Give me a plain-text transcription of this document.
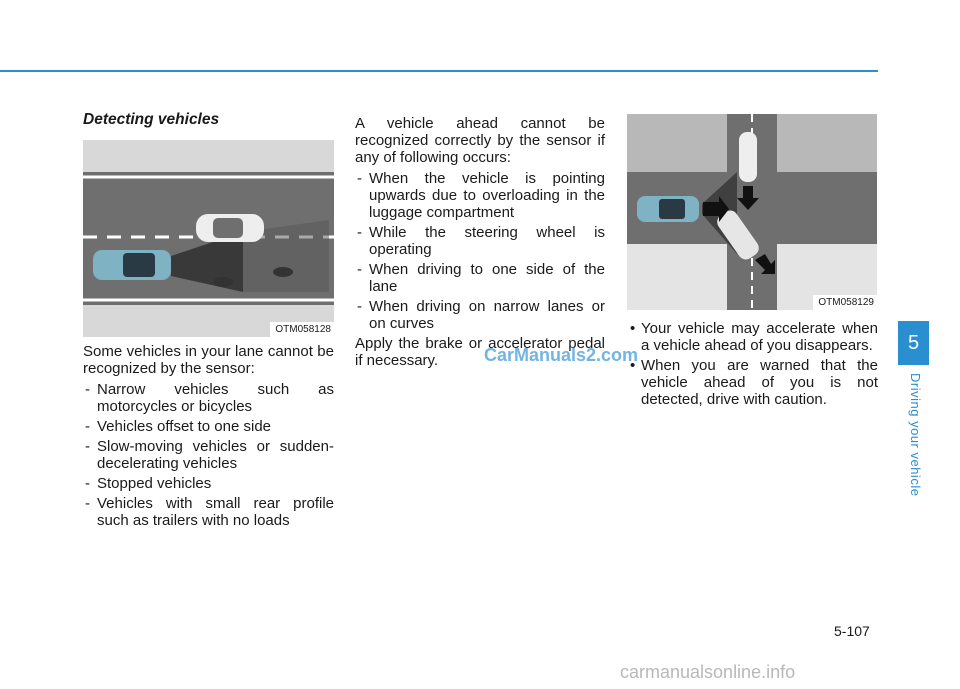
Detecting vehicles
OTM058128

Some vehicles in your lane cannot be recognized by the sensor:

- Narrow vehicles such as motorcycles or bicycles
- Vehicles offset to one side
- Slow-moving vehicles or sudden-decelerating vehicles
- Stopped vehicles
- Vehicles with small rear profile such as trailers with no loads

A vehicle ahead cannot be recognized correctly by the sensor if any of following occurs:

- When the vehicle is pointing upwards due to overloading in the luggage compartment
- While the steering wheel is operating
- When driving to one side of the lane
- When driving on narrow lanes or on curves

Apply the brake or accelerator pedal if necessary.

OTM058129
• Your vehicle may accelerate when a vehicle ahead of you disappears.
• When you are warned that the vehicle ahead of you is not detected, drive with caution.
CarManuals2.com
5
Driving your vehicle
5-107
carmanualsonline.info
